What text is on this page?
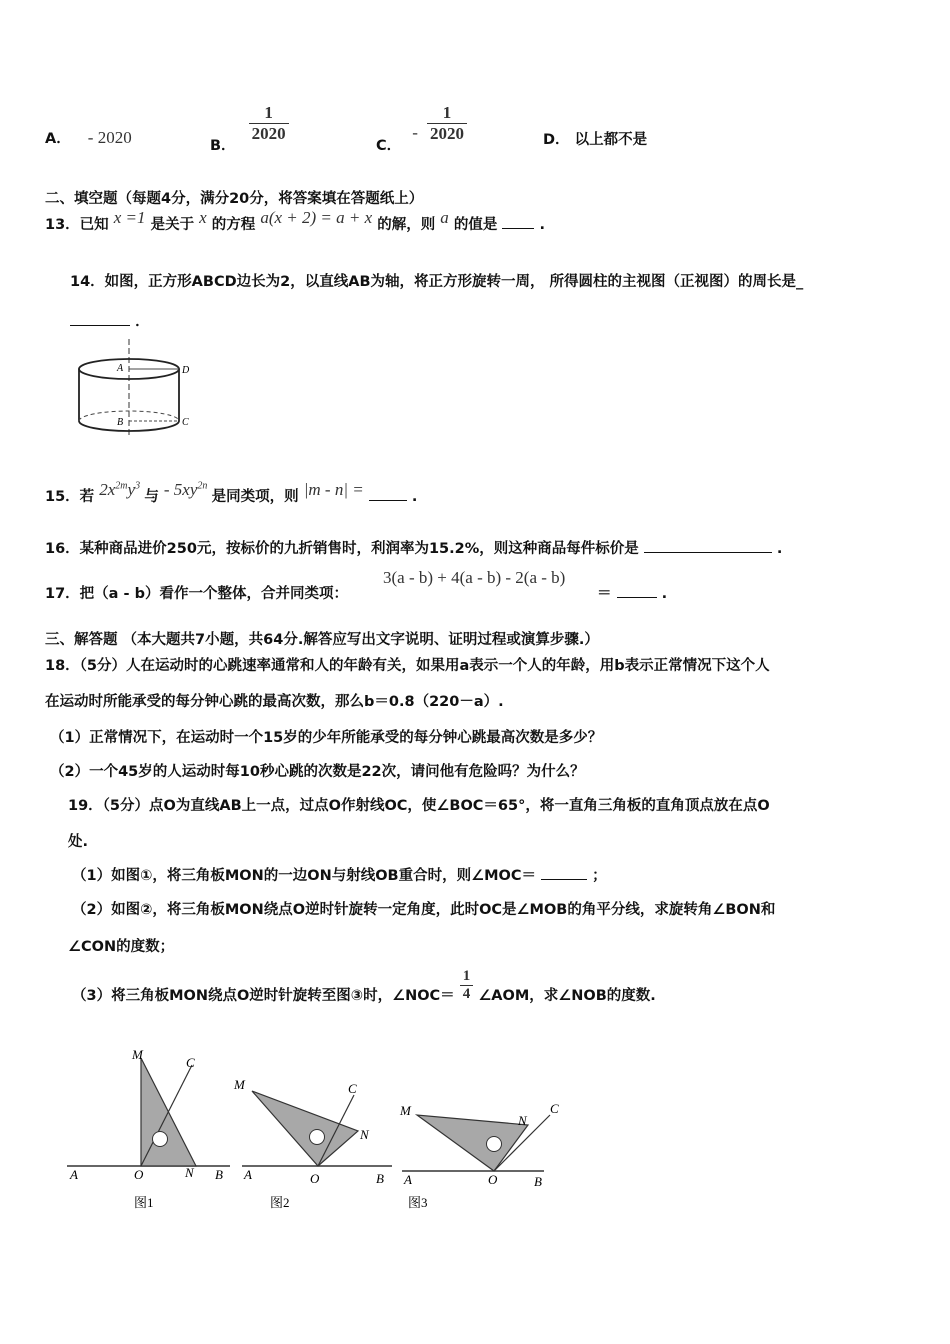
A． - 2020	B．
$\frac{1}{2020}$
C． - $\frac{1}{2020}$	D． 以上都不是
二、填空题（每题4分，满分20分，将答案填在答题纸上）
13．已知 x =1 是关于 x 的方程 a(x + 2) = a + x 的解，则 a 的值是	.
14．如图，正方形ABCD边长为2，以直线AB为轴，将正方形旋转一周， 所得圆柱的主视图（正视图）的周长是_
．
A	D
B	C
15．若 $2x^{2m}y^3$ 与 - $5xy^{2n}$ 是同类项，则 |m - n| =	.
16．某种商品进价250元，按标价的九折销售时，利润率为15.2%，则这种商品每件标价是	.
17．把（a - b）看作一个整体，合并同类项：
3(a - b) + 4(a - b) - 2(a - b)
＝	.
三、解答题 （本大题共7小题，共64分.解答应写出文字说明、证明过程或演算步骤.）
18．（5分）人在运动时的心跳速率通常和人的年龄有关，如果用a表示一个人的年龄，用b表示正常情况下这个人
在运动时所能承受的每分钟心跳的最高次数，那么b＝0.8（220－a）.
（1）正常情况下，在运动时一个15岁的少年所能承受的每分钟心跳最高次数是多少？
（2）一个45岁的人运动时每10秒心跳的次数是22次，请问他有危险吗？为什么？
19．（5分）点O为直线AB上一点，过点O作射线OC，使∠BOC＝65°，将一直角三角板的直角顶点放在点O
处.
（1）如图①，将三角板MON的一边ON与射线OB重合时，则∠MOC＝	；
（2）如图②，将三角板MON绕点O逆时针旋转一定角度，此时OC是∠MOB的角平分线，求旋转角∠BON和
∠CON的度数；
（3）将三角板MON绕点O逆时针旋转至图③时，∠NOC＝ $\frac{1}{4}$ ∠AOM，求∠NOB的度数.
M
C
A	O	N B
图1
M	C
N
A	O	B
图2
M
N
C
A	O	B
图3
